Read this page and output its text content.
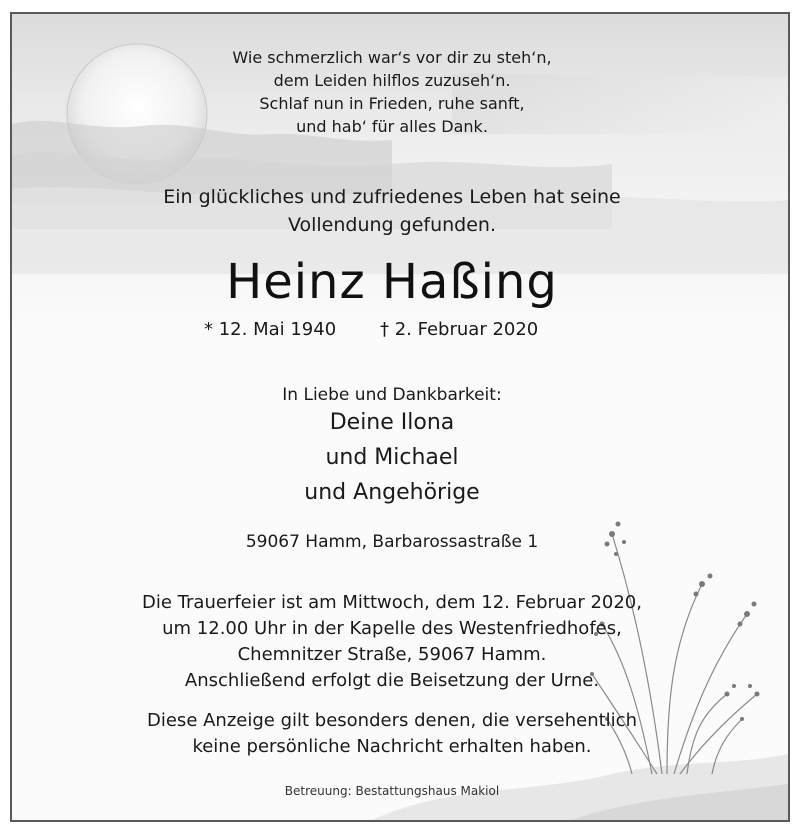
Wie schmerzlich war‘s vor dir zu steh‘n,

dem Leiden hilflos zuzuseh‘n.

Schlaf nun in Frieden, ruhe sanft,

und hab‘ für alles Dank.

Ein glückliches und zufriedenes Leben hat seine

Vollendung gefunden.

Heinz Haßing

* 12. Mai 1940 † 2. Februar 2020

In Liebe und Dankbarkeit:

Deine Ilona

und Michael

und Angehörige

59067 Hamm, Barbarossastraße 1

Die Trauerfeier ist am Mittwoch, dem 12. Februar 2020,

um 12.00 Uhr in der Kapelle des Westenfriedhofes,

Chemnitzer Straße, 59067 Hamm.

Anschließend erfolgt die Beisetzung der Urne.

Diese Anzeige gilt besonders denen, die versehentlich

keine persönliche Nachricht erhalten haben.

Betreuung: Bestattungshaus Makiol
